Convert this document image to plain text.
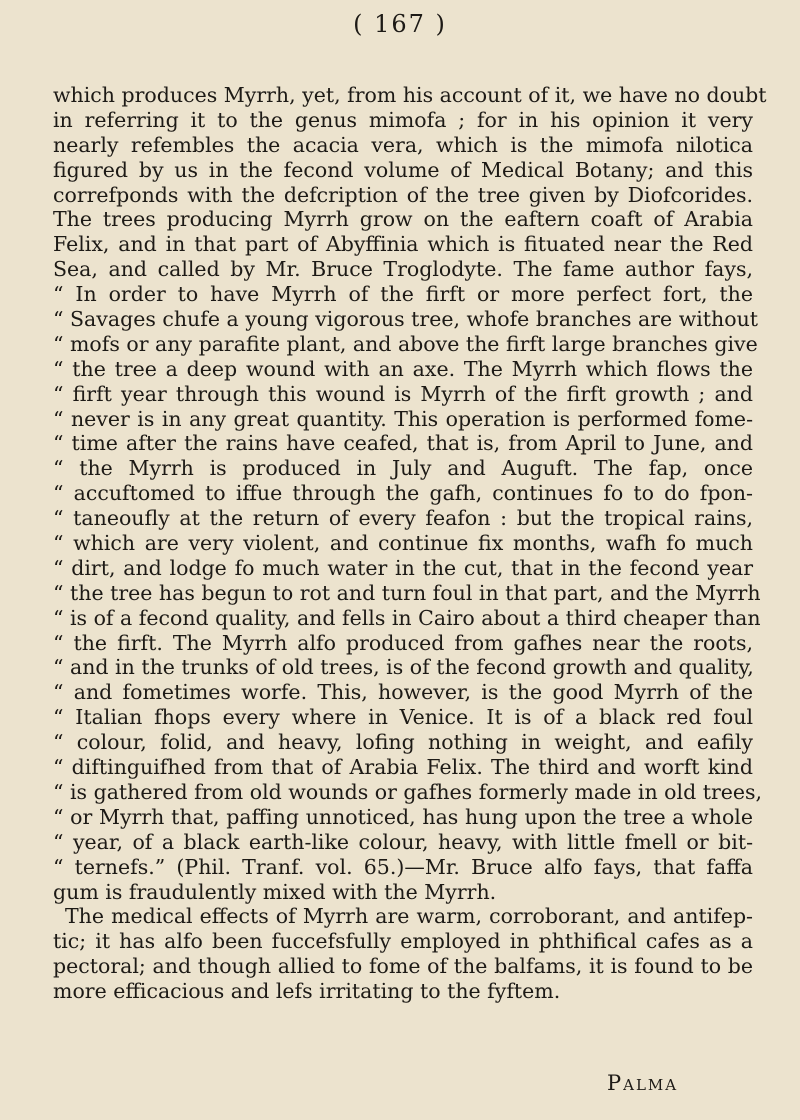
( 167 )
which produces Myrrh, yet, from his account of it, we have no doubt
in referring it to the genus mimofa ; for in his opinion it very
nearly refembles the acacia vera, which is the mimofa nilotica
figured by us in the fecond volume of Medical Botany; and this
correfponds with the defcription of the tree given by Diofcorides.
The trees producing Myrrh grow on the eaftern coaft of Arabia
Felix, and in that part of Abyffinia which is fituated near the Red
Sea, and called by Mr. Bruce Troglodyte. The fame author fays,
“ In order to have Myrrh of the firft or more perfect fort, the
“ Savages chufe a young vigorous tree, whofe branches are without
“ mofs or any parafite plant, and above the firft large branches give
“ the tree a deep wound with an axe. The Myrrh which flows the
“ firft year through this wound is Myrrh of the firft growth ; and
“ never is in any great quantity. This operation is performed fome-
“ time after the rains have ceafed, that is, from April to June, and
“ the Myrrh is produced in July and Auguft. The fap, once
“ accuftomed to iffue through the gafh, continues fo to do fpon-
“ taneoufly at the return of every feafon : but the tropical rains,
“ which are very violent, and continue fix months, wafh fo much
“ dirt, and lodge fo much water in the cut, that in the fecond year
“ the tree has begun to rot and turn foul in that part, and the Myrrh
“ is of a fecond quality, and fells in Cairo about a third cheaper than
“ the firft. The Myrrh alfo produced from gafhes near the roots,
“ and in the trunks of old trees, is of the fecond growth and quality,
“ and fometimes worfe. This, however, is the good Myrrh of the
“ Italian fhops every where in Venice. It is of a black red foul
“ colour, folid, and heavy, lofing nothing in weight, and eafily
“ diftinguifhed from that of Arabia Felix. The third and worft kind
“ is gathered from old wounds or gafhes formerly made in old trees,
“ or Myrrh that, paffing unnoticed, has hung upon the tree a whole
“ year, of a black earth-like colour, heavy, with little fmell or bit-
“ ternefs.” (Phil. Tranf. vol. 65.)—Mr. Bruce alfo fays, that faffa
gum is fraudulently mixed with the Myrrh.
The medical effects of Myrrh are warm, corroborant, and antifep-
tic; it has alfo been fuccefsfully employed in phthifical cafes as a
pectoral; and though allied to fome of the balfams, it is found to be
more efficacious and lefs irritating to the fyftem.
Palma
